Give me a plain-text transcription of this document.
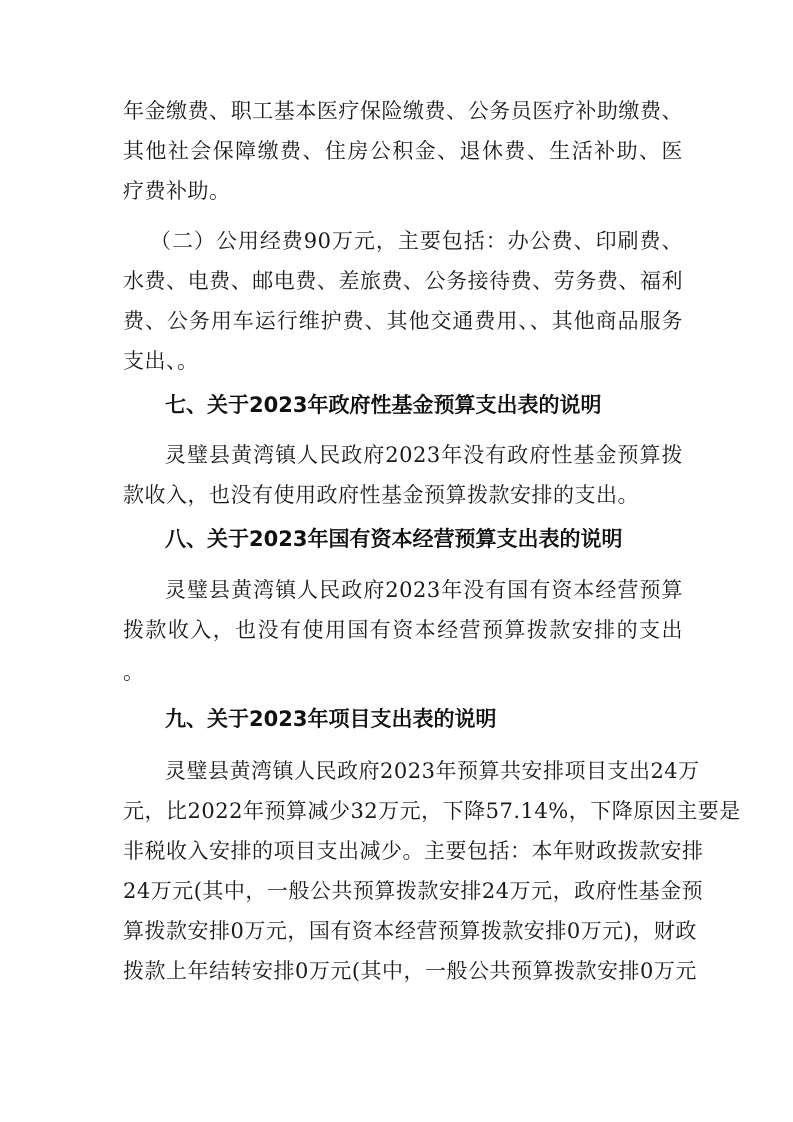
年金缴费、职工基本医疗保险缴费、公务员医疗补助缴费、
其他社会保障缴费、住房公积金、退休费、生活补助、医
疗费补助。
（二）公用经费90万元，主要包括：办公费、印刷费、
水费、电费、邮电费、差旅费、公务接待费、劳务费、福利
费、公务用车运行维护费、其他交通费用、、其他商品服务
支出、。
七、关于2023年政府性基金预算支出表的说明
灵璧县黄湾镇人民政府2023年没有政府性基金预算拨
款收入，也没有使用政府性基金预算拨款安排的支出。
八、关于2023年国有资本经营预算支出表的说明
灵璧县黄湾镇人民政府2023年没有国有资本经营预算
拨款收入，也没有使用国有资本经营预算拨款安排的支出
。
九、关于2023年项目支出表的说明
灵璧县黄湾镇人民政府2023年预算共安排项目支出24万
元，比2022年预算减少32万元，下降57.14%，下降原因主要是
非税收入安排的项目支出减少。主要包括：本年财政拨款安排
24万元(其中，一般公共预算拨款安排24万元，政府性基金预
算拨款安排0万元，国有资本经营预算拨款安排0万元)，财政
拨款上年结转安排0万元(其中，一般公共预算拨款安排0万元
